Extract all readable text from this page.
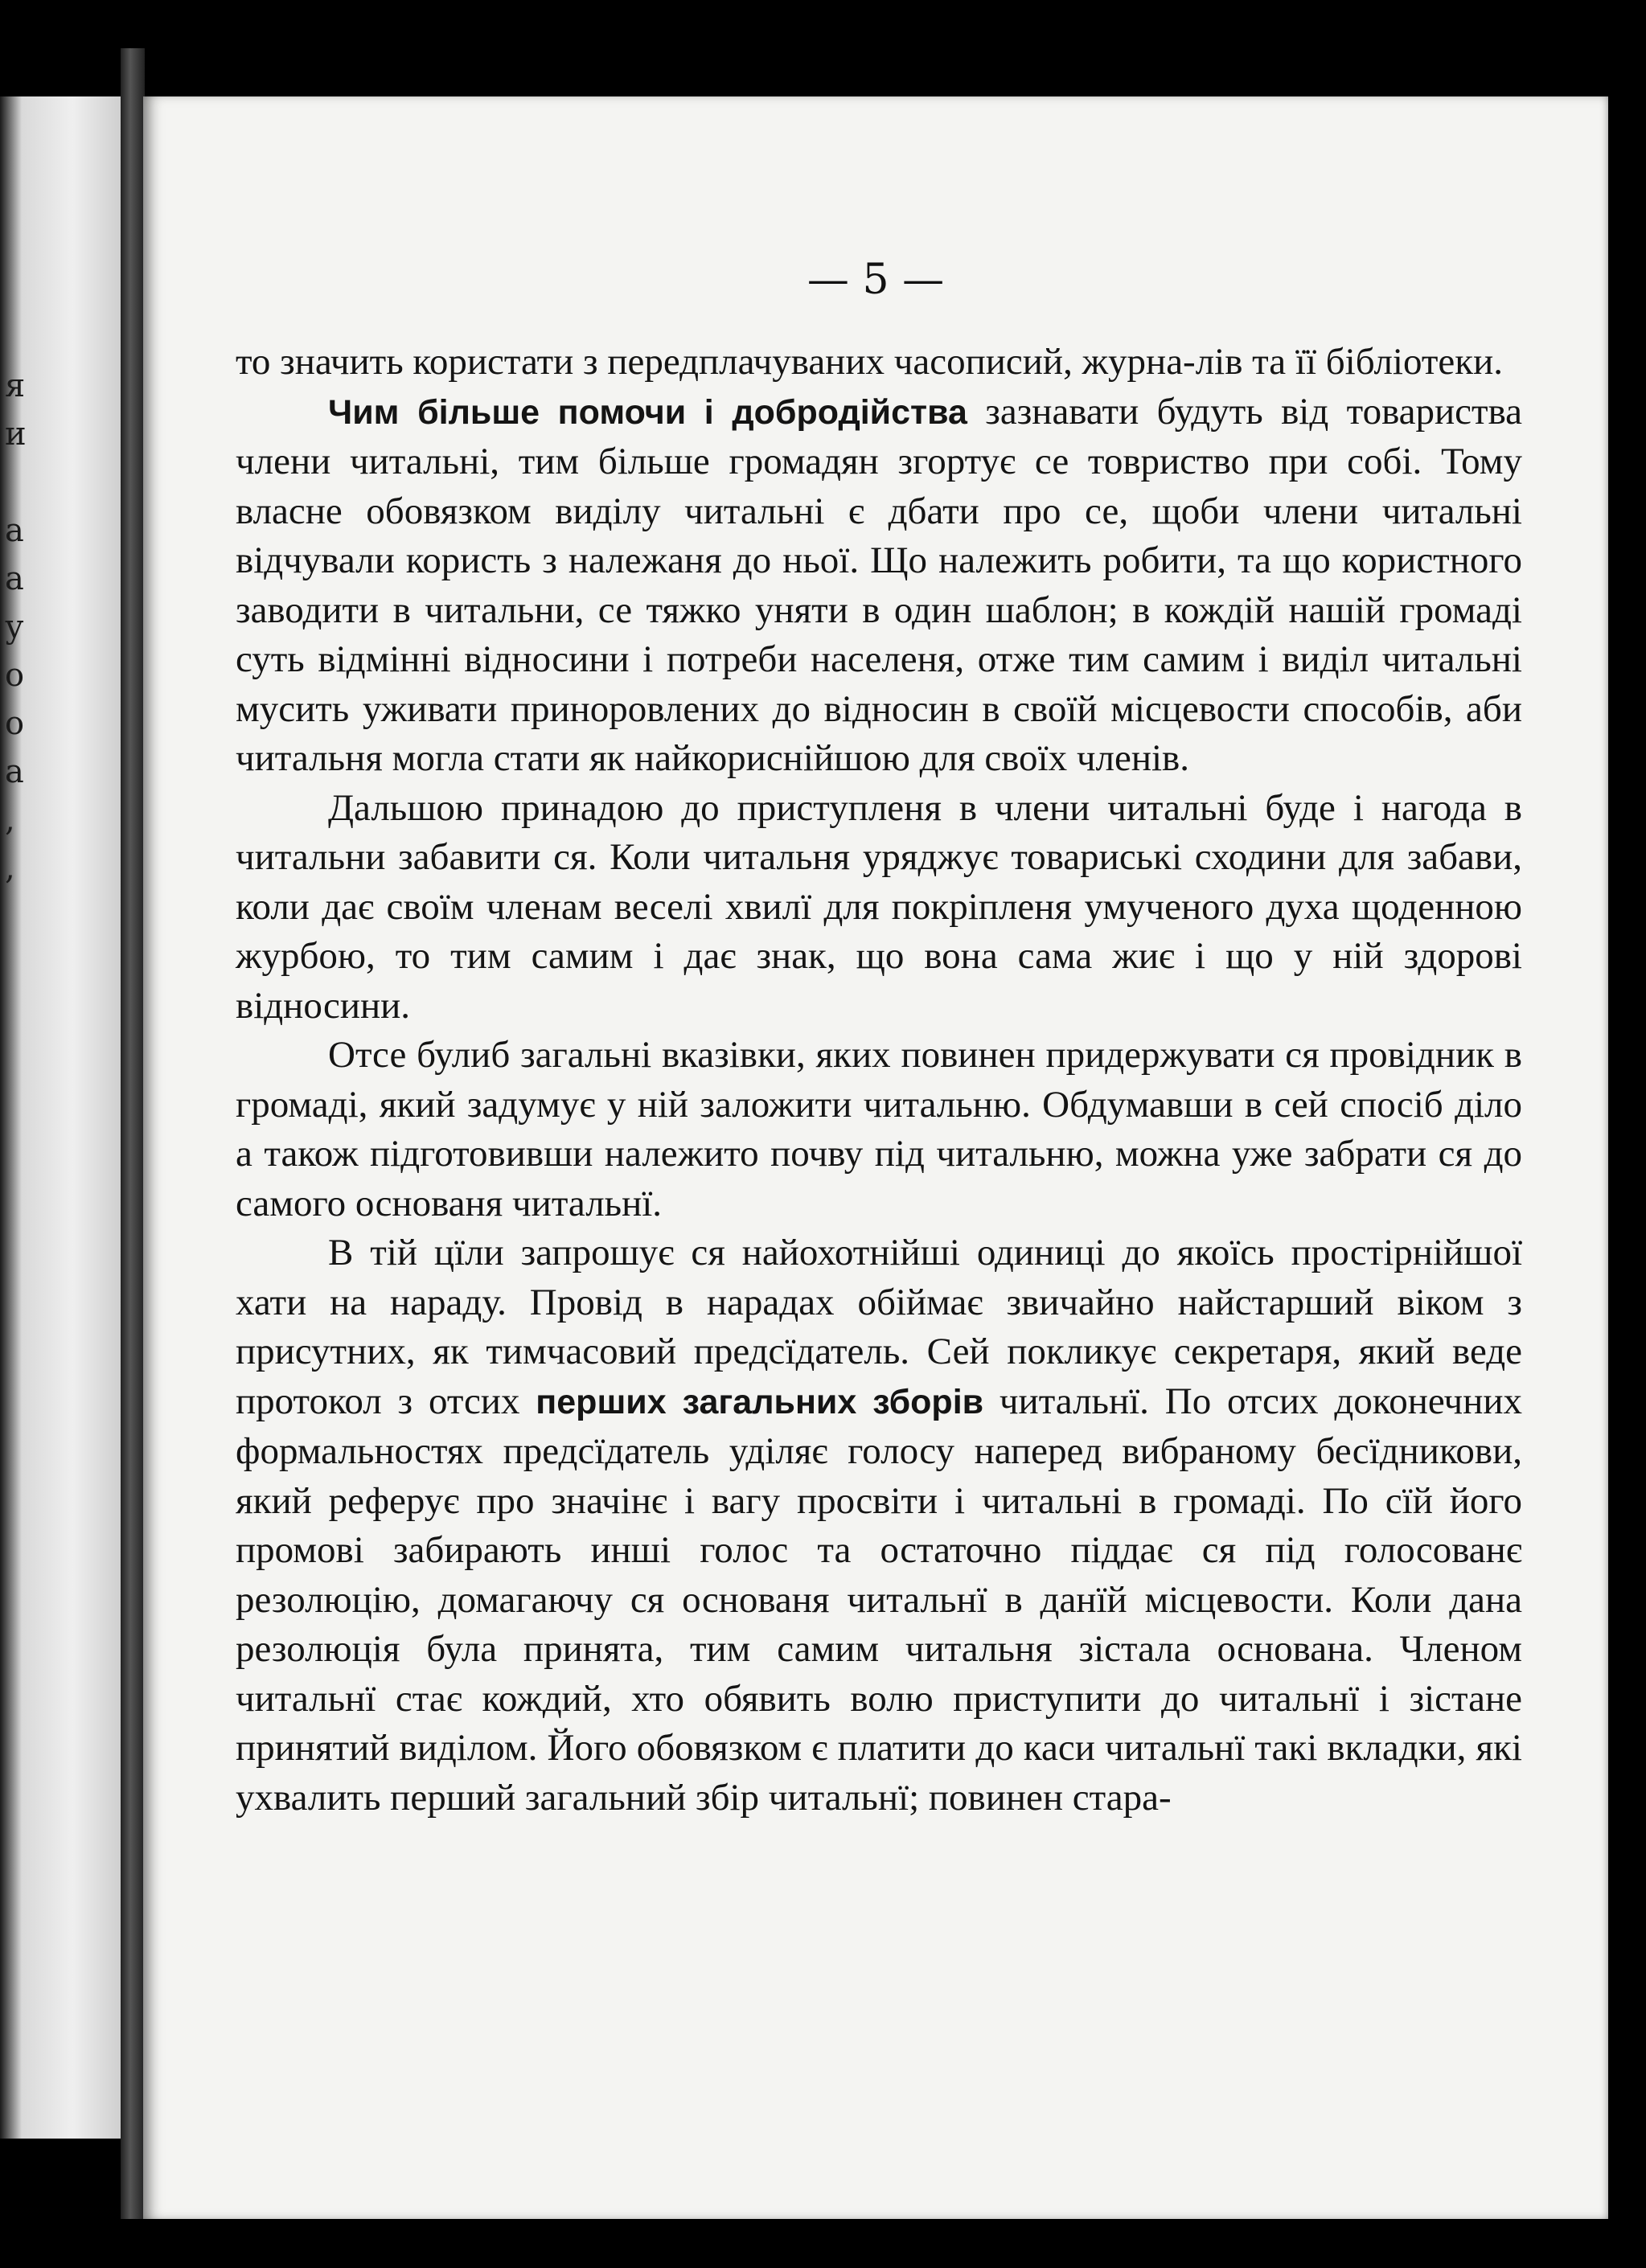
я
и
а
а
у
о
о
а
,
,
— 5 —

то значить користати з передплачуваних часописий, журна-лів та її бібліотеки.

Чим більше помочи і добродійства зазнавати будуть від товариства члени читальні, тим більше громадян згортує се товриство при собі. Тому власне обовязком виділу читальні є дбати про се, щоби члени читальні відчували користь з належаня до ньої. Що належить робити, та що користного заводити в читальни, се тяжко уняти в один шаблон; в кождій нашій громаді суть відмінні відносини і потреби населеня, отже тим самим і виділ читальні мусить уживати приноровлених до відносин в своїй місцевости способів, аби читальня могла стати як найкориснійшою для своїх членів.

Дальшою принадою до приступленя в члени читальні буде і нагода в читальни забавити ся. Коли читальня уряджує товариські сходини для забави, коли дає своїм членам веселі хвилї для покріпленя умученого духа щоденною журбою, то тим самим і дає знак, що вона сама жиє і що у ній здорові відносини.

Отсе булиб загальні вказівки, яких повинен придержувати ся провідник в громаді, який задумує у ній заложити читальню. Обдумавши в сей спосіб діло а також підготовивши належито почву під читальню, можна уже забрати ся до самого основаня читальнї.

В тій цїли запрошує ся найохотнійші одиниці до якоїсь простірнійшої хати на нараду. Провід в нарадах обіймає звичайно найстарший віком з присутних, як тимчасовий предсїдатель. Сей покликує секретаря, який веде протокол з отсих перших загальних зборів читальнї. По отсих доконечних формальностях предсїдатель уділяє голосу наперед вибраному бесїдникови, який реферує про значінє і вагу просвіти і читальні в громаді. По сїй його промові забирають инші голос та остаточно піддає ся під голосованє резолюцію, домагаючу ся основаня читальнї в данїй місцевости. Коли дана резолюція була принята, тим самим читальня зістала основана. Членом читальнї стає кождий, хто обявить волю приступити до читальнї і зістане принятий виділом. Його обовязком є платити до каси читальнї такі вкладки, які ухвалить перший загальний збір читальнї; повинен стара-
